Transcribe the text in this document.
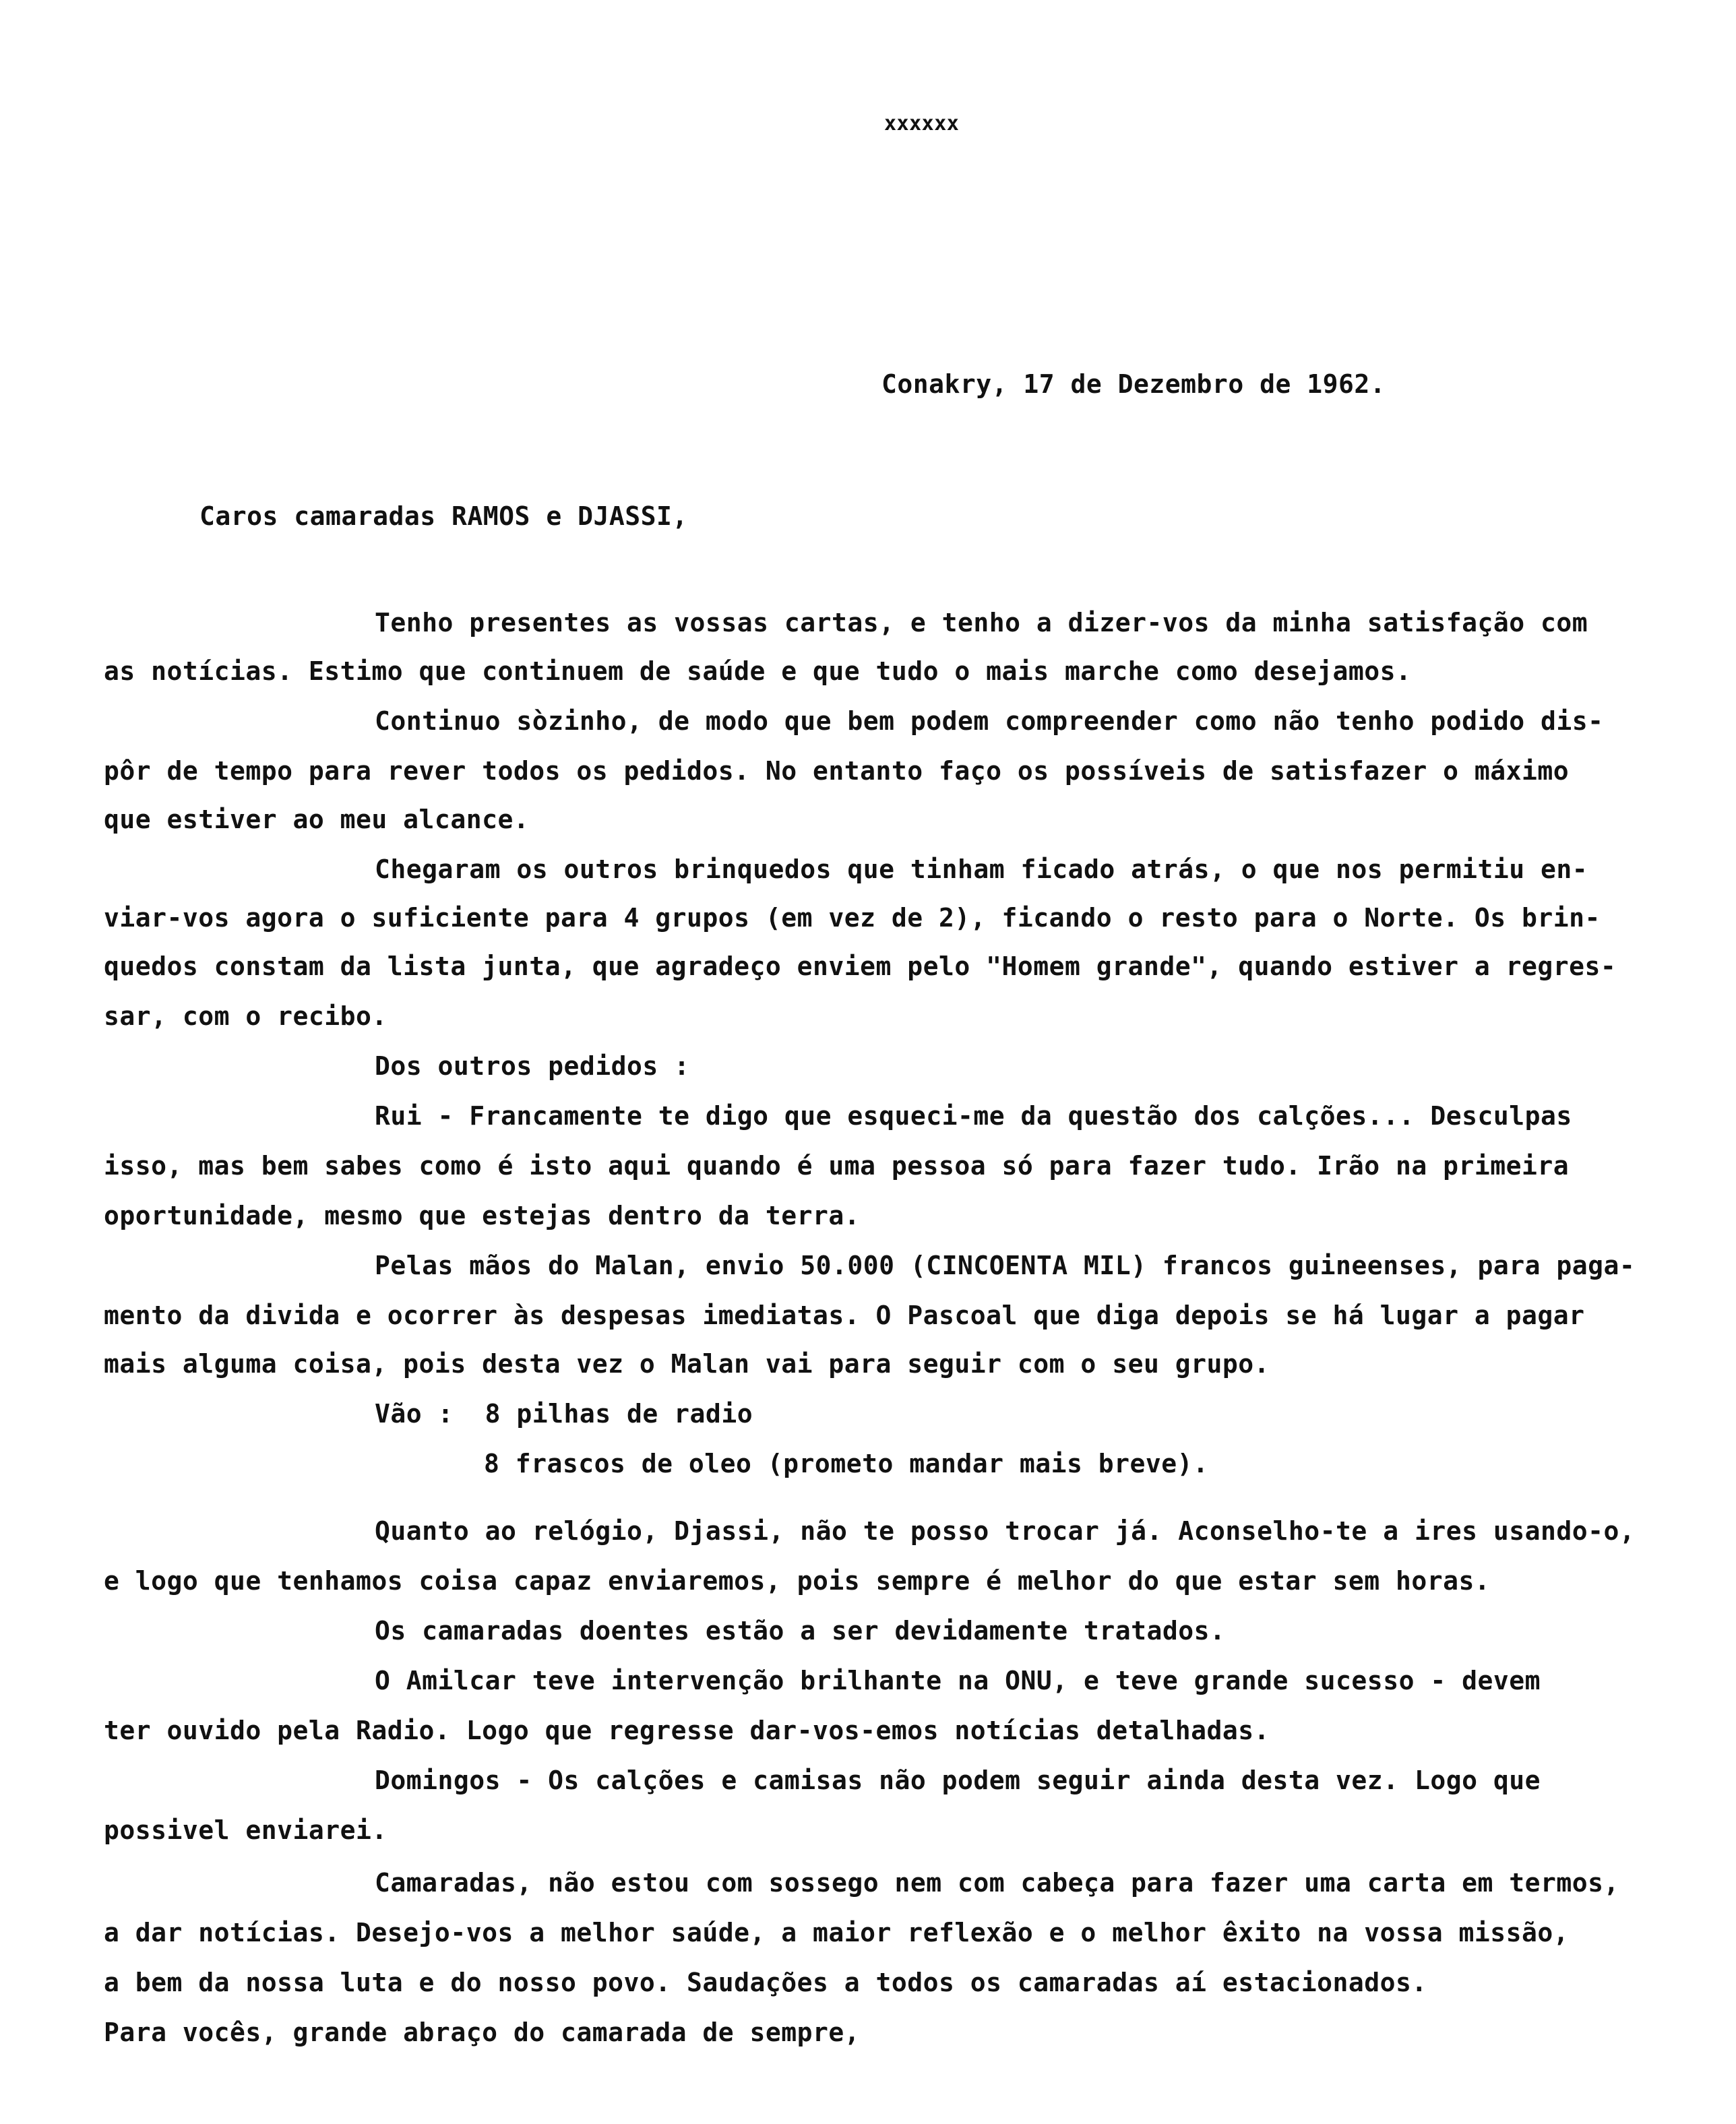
xxxxxx
Conakry, 17 de Dezembro de 1962.
Caros camaradas RAMOS e DJASSI,
Tenho presentes as vossas cartas, e tenho a dizer-vos da minha satisfação com
as notícias. Estimo que continuem de saúde e que tudo o mais marche como desejamos.
Continuo sòzinho, de modo que bem podem compreender como não tenho podido dis-
pôr de tempo para rever todos os pedidos. No entanto faço os possíveis de satisfazer o máximo
que estiver ao meu alcance.
Chegaram os outros brinquedos que tinham ficado atrás, o que nos permitiu en-
viar-vos agora o suficiente para 4 grupos (em vez de 2), ficando o resto para o Norte. Os brin-
quedos constam da lista junta, que agradeço enviem pelo "Homem grande", quando estiver a regres-
sar, com o recibo.
Dos outros pedidos :
Rui - Francamente te digo que esqueci-me da questão dos calções... Desculpas
isso, mas bem sabes como é isto aqui quando é uma pessoa só para fazer tudo. Irão na primeira
oportunidade, mesmo que estejas dentro da terra.
Pelas mãos do Malan, envio 50.000 (CINCOENTA MIL) francos guineenses, para paga-
mento da divida e ocorrer às despesas imediatas. O Pascoal que diga depois se há lugar a pagar
mais alguma coisa, pois desta vez o Malan vai para seguir com o seu grupo.
Vão :  8 pilhas de radio
8 frascos de oleo (prometo mandar mais breve).
Quanto ao relógio, Djassi, não te posso trocar já. Aconselho-te a ires usando-o,
e logo que tenhamos coisa capaz enviaremos, pois sempre é melhor do que estar sem horas.
Os camaradas doentes estão a ser devidamente tratados.
O Amilcar teve intervenção brilhante na ONU, e teve grande sucesso - devem
ter ouvido pela Radio. Logo que regresse dar-vos-emos notícias detalhadas.
Domingos - Os calções e camisas não podem seguir ainda desta vez. Logo que
possivel enviarei.
Camaradas, não estou com sossego nem com cabeça para fazer uma carta em termos,
a dar notícias. Desejo-vos a melhor saúde, a maior reflexão e o melhor êxito na vossa missão,
a bem da nossa luta e do nosso povo. Saudações a todos os camaradas aí estacionados.
Para vocês, grande abraço do camarada de sempre,
